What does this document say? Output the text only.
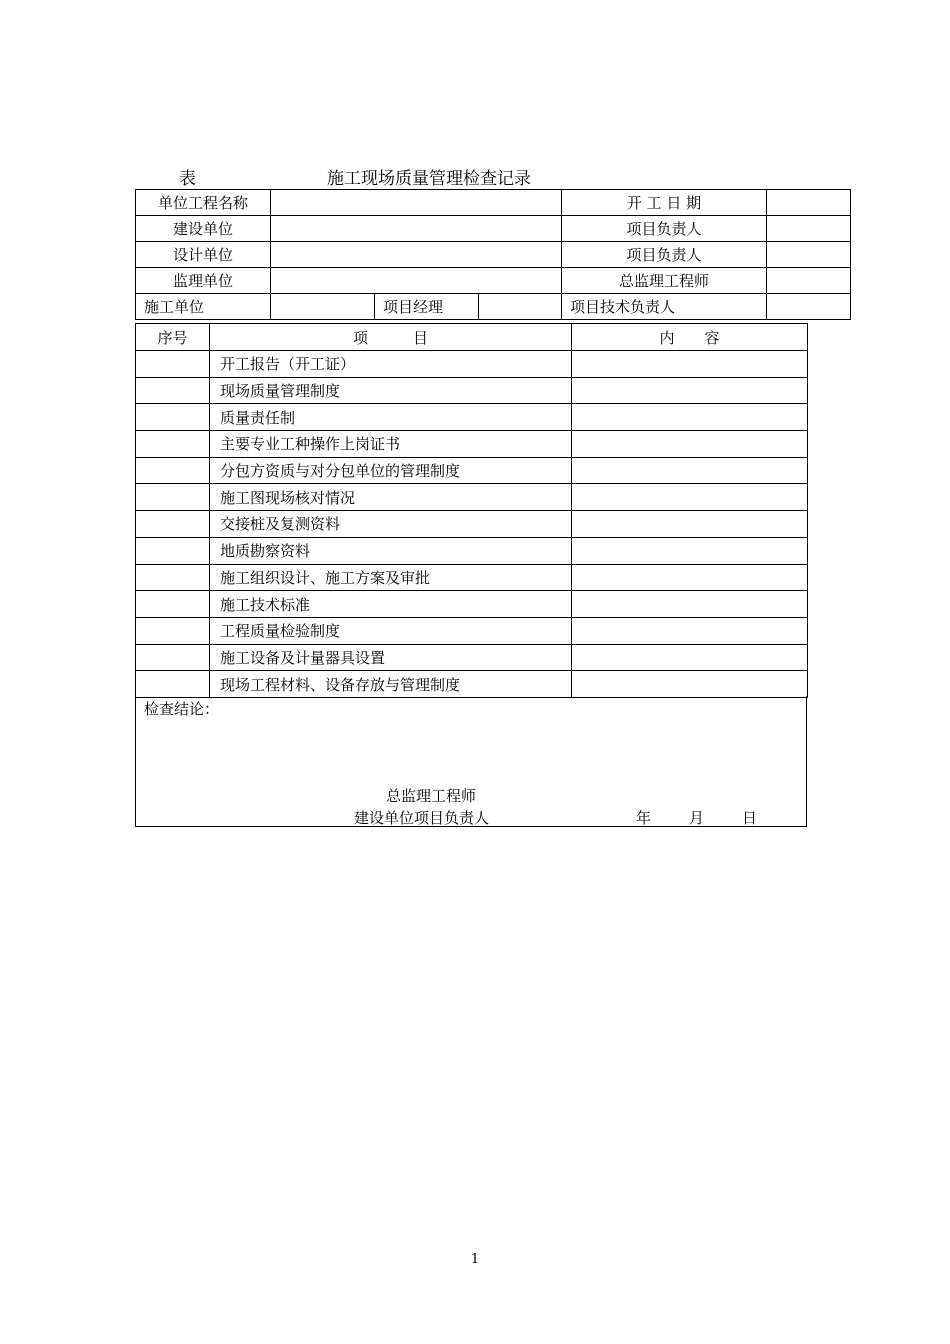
表	施工现场质量管理检查记录
单位工程名称				开 工 日 期	
建设单位				项目负责人	
设计单位				项目负责人	
监理单位				总监理工程师	
施工单位		项目经理		项目技术负责人	
序号	项　　　目	内　　容
	开工报告（开工证）	
	现场质量管理制度	
	质量责任制	
	主要专业工种操作上岗证书	
	分包方资质与对分包单位的管理制度	
	施工图现场核对情况	
	交接桩及复测资料	
	地质勘察资料	
	施工组织设计、施工方案及审批	
	施工技术标准	
	工程质量检验制度	
	施工设备及计量器具设置	
	现场工程材料、设备存放与管理制度	
检查结论：
总监理工程师
建设单位项目负责人	年	月	日
1
